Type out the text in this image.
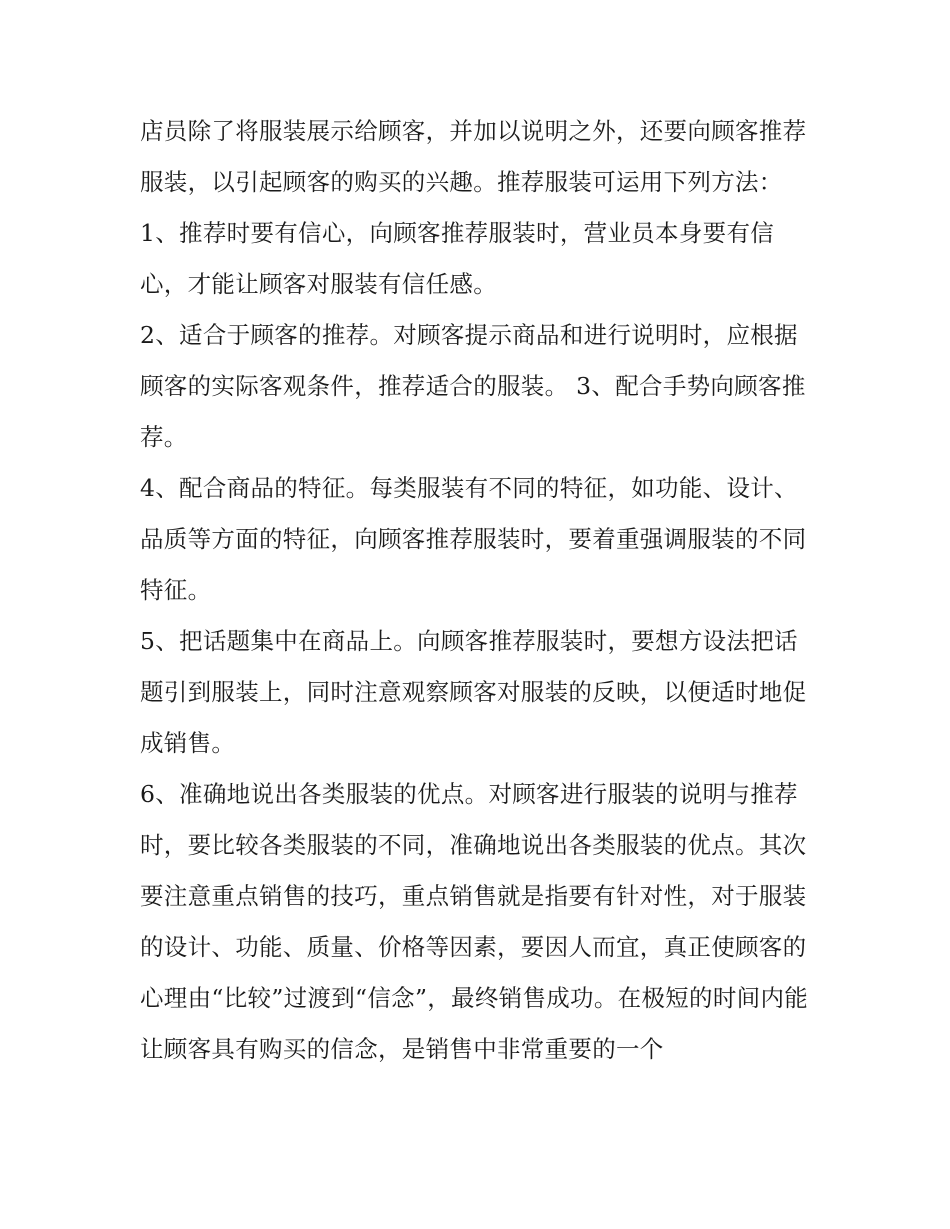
店员除了将服装展示给顾客，并加以说明之外，还要向顾客推荐服装，以引起顾客的购买的兴趣。推荐服装可运用下列方法：

1、推荐时要有信心，向顾客推荐服装时，营业员本身要有信心，才能让顾客对服装有信任感。

2、适合于顾客的推荐。对顾客提示商品和进行说明时，应根据顾客的实际客观条件，推荐适合的服装。 3、配合手势向顾客推荐。

4、配合商品的特征。每类服装有不同的特征，如功能、设计、品质等方面的特征，向顾客推荐服装时，要着重强调服装的不同特征。

5、把话题集中在商品上。向顾客推荐服装时，要想方设法把话题引到服装上，同时注意观察顾客对服装的反映，以便适时地促成销售。

6、准确地说出各类服装的优点。对顾客进行服装的说明与推荐时，要比较各类服装的不同，准确地说出各类服装的优点。其次要注意重点销售的技巧，重点销售就是指要有针对性，对于服装的设计、功能、质量、价格等因素，要因人而宜，真正使顾客的心理由“比较”过渡到“信念”，最终销售成功。在极短的时间内能让顾客具有购买的信念，是销售中非常重要的一个
